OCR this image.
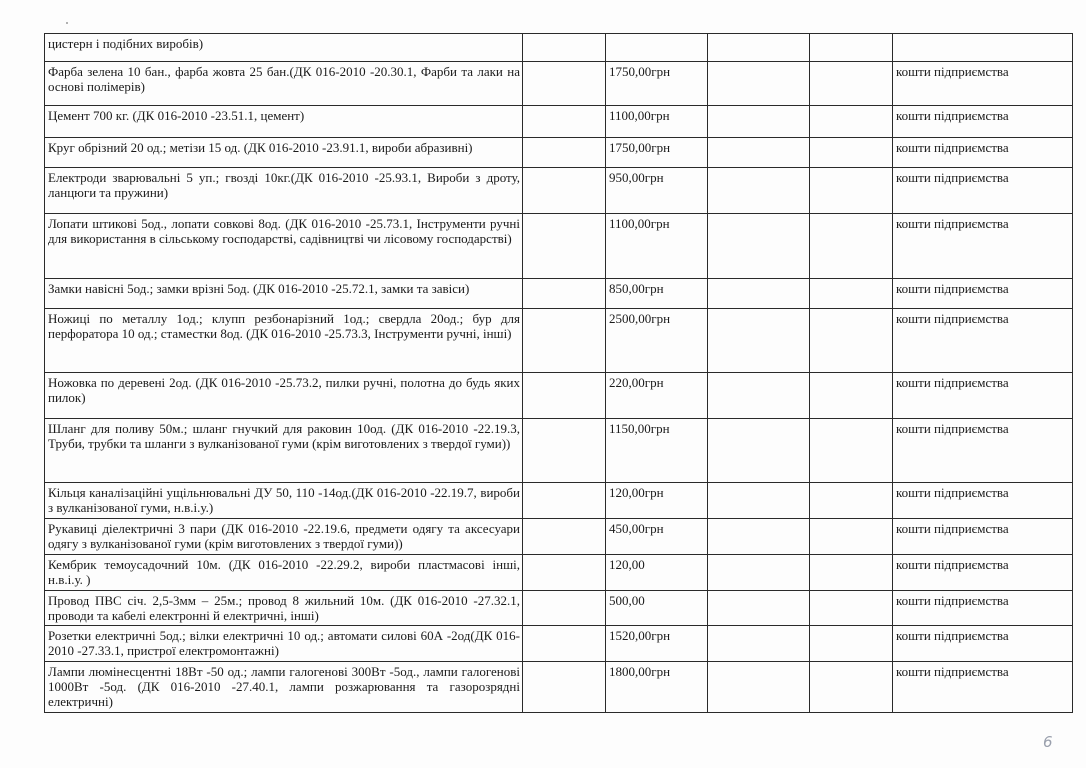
цистерн і подібних виробів)					
Фарба зелена 10 бан., фарба жовта 25 бан.(ДК 016-2010 -20.30.1, Фарби та лаки на основі полімерів)		1750,00грн			кошти підприємства
Цемент 700 кг. (ДК 016-2010 -23.51.1, цемент)		1100,00грн			кошти підприємства
Круг обрізний 20 од.; метізи 15 од. (ДК 016-2010 -23.91.1, вироби абразивні)		1750,00грн			кошти підприємства
Електроди зварювальні 5 уп.; гвозді 10кг.(ДК 016-2010 -25.93.1, Вироби з дроту, ланцюги та пружини)		950,00грн			кошти підприємства
Лопати штикові 5од., лопати совкові 8од. (ДК 016-2010 -25.73.1, Інструменти ручні для використання в сільському господарстві, садівництві чи лісовому господарстві)		1100,00грн			кошти підприємства
Замки навісні 5од.; замки врізні 5од. (ДК 016-2010 -25.72.1, замки та завіси)		850,00грн			кошти підприємства
Ножиці по металлу 1од.; клупп резбонарізний 1од.; свердла 20од.; бур для перфоратора 10 од.; стаместки 8од. (ДК 016-2010 -25.73.3, Інструменти ручні, інші)		2500,00грн			кошти підприємства
Ножовка по деревені 2од. (ДК 016-2010 -25.73.2, пилки ручні, полотна до будь яких пилок)		220,00грн			кошти підприємства
Шланг для поливу 50м.; шланг гнучкий для раковин 10од. (ДК 016-2010 -22.19.3, Труби, трубки та шланги з вулканізованої гуми (крім виготовлених з твердої гуми))		1150,00грн			кошти підприємства
Кільця каналізаційні ущільнювальні ДУ 50, 110 -14од.(ДК 016-2010 -22.19.7, вироби з вулканізованої гуми, н.в.і.у.)		120,00грн			кошти підприємства
Рукавиці діелектричні 3 пари (ДК 016-2010 -22.19.6, предмети одягу та аксесуари одягу з вулканізованої гуми (крім виготовлених з твердої гуми))		450,00грн			кошти підприємства
Кембрик темоусадочний 10м. (ДК 016-2010 -22.29.2, вироби пластмасові інші, н.в.і.у. )		120,00			кошти підприємства
Провод ПВС січ. 2,5-3мм – 25м.; провод 8 жильний 10м. (ДК 016-2010 -27.32.1, проводи та кабелі електронні й електричні, інші)		500,00			кошти підприємства
Розетки електричні 5од.; вілки електричні 10 од.; автомати силові 60А -2од(ДК 016-2010 -27.33.1, пристрої електромонтажні)		1520,00грн			кошти підприємства
Лампи люмінесцентні 18Вт -50 од.; лампи галогенові 300Вт -5од., лампи галогенові 1000Вт -5од. (ДК 016-2010 -27.40.1, лампи розжарювання та газорозрядні електричні)		1800,00грн			кошти підприємства
6
